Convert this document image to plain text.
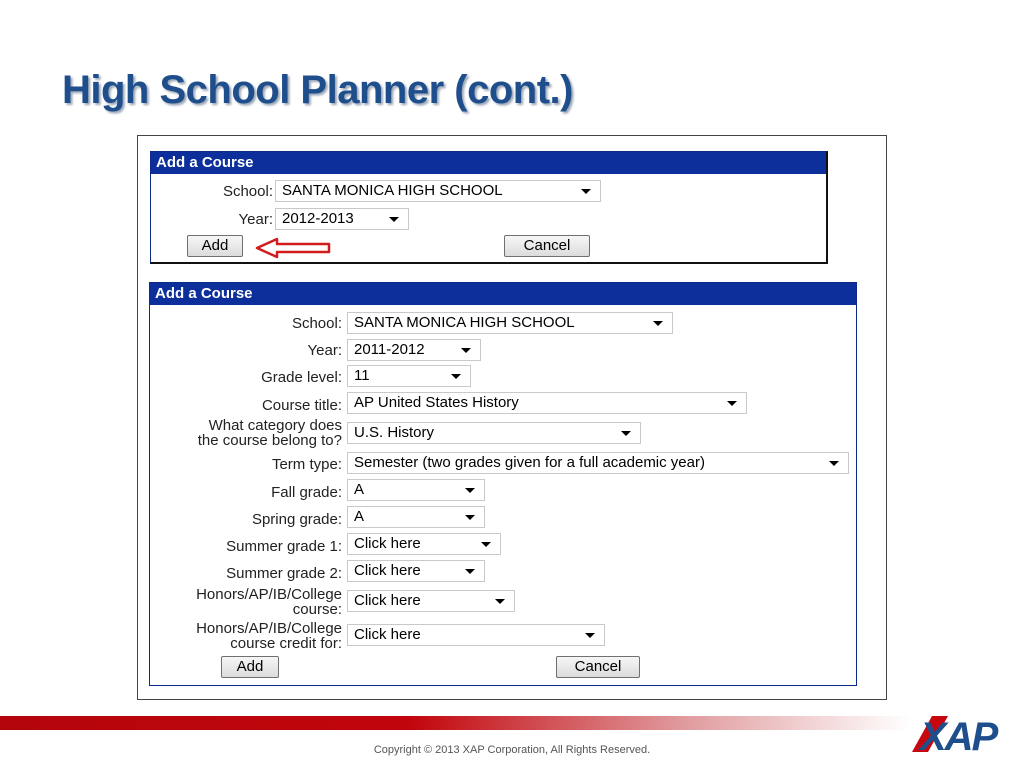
High School Planner (cont.)
Add a Course
School: SANTA MONICA HIGH SCHOOL
Year: 2012-2013
Add	Cancel
Add a Course
School: SANTA MONICA HIGH SCHOOL
Year: 2011-2012
Grade level: 11
Course title: AP United States History
What category does
the course belong to? U.S. History
Term type: Semester (two grades given for a full academic year)
Fall grade: A
Spring grade: A
Summer grade 1: Click here
Summer grade 2: Click here
Honors/AP/IB/College
course:
Click here
Honors/AP/IB/College
course credit for:
Click here
Add	Cancel
Copyright © 2013 XAP Corporation, All Rights Reserved.	XAP
